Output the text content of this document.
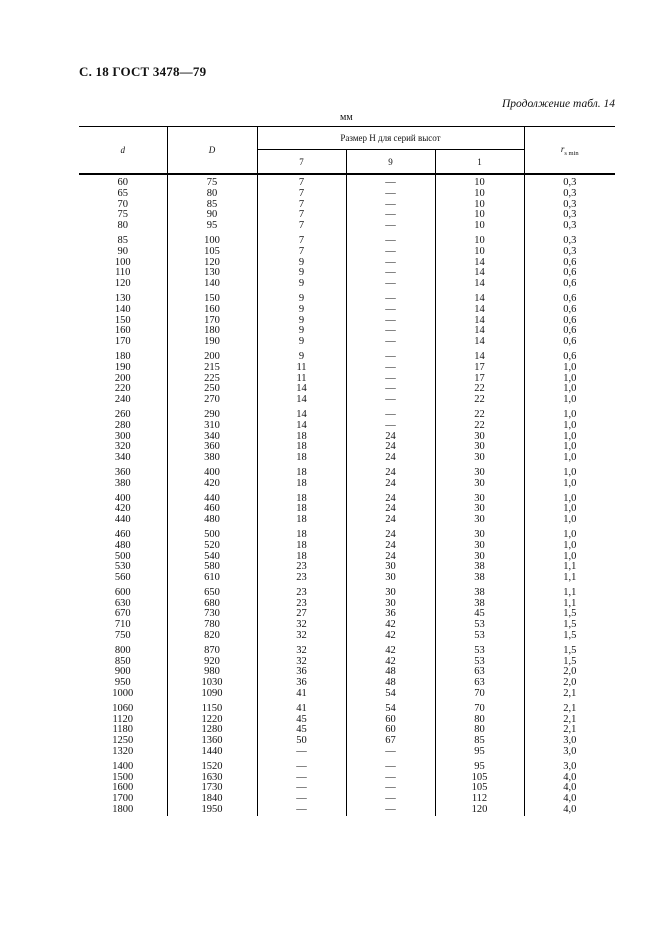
С. 18 ГОСТ 3478—79
Продолжение табл. 14
мм
d	D	Размер H для серий высот			$r_{s min}$
		7	9	1	
60	75	7	—	10	0,3
65	80	7	—	10	0,3
70	85	7	—	10	0,3
75	90	7	—	10	0,3
80	95	7	—	10	0,3
85	100	7	—	10	0,3
90	105	7	—	10	0,3
100	120	9	—	14	0,6
110	130	9	—	14	0,6
120	140	9	—	14	0,6
130	150	9	—	14	0,6
140	160	9	—	14	0,6
150	170	9	—	14	0,6
160	180	9	—	14	0,6
170	190	9	—	14	0,6
180	200	9	—	14	0,6
190	215	11	—	17	1,0
200	225	11	—	17	1,0
220	250	14	—	22	1,0
240	270	14	—	22	1,0
260	290	14	—	22	1,0
280	310	14	—	22	1,0
300	340	18	24	30	1,0
320	360	18	24	30	1,0
340	380	18	24	30	1,0
360	400	18	24	30	1,0
380	420	18	24	30	1,0
400	440	18	24	30	1,0
420	460	18	24	30	1,0
440	480	18	24	30	1,0
460	500	18	24	30	1,0
480	520	18	24	30	1,0
500	540	18	24	30	1,0
530	580	23	30	38	1,1
560	610	23	30	38	1,1
600	650	23	30	38	1,1
630	680	23	30	38	1,1
670	730	27	36	45	1,5
710	780	32	42	53	1,5
750	820	32	42	53	1,5
800	870	32	42	53	1,5
850	920	32	42	53	1,5
900	980	36	48	63	2,0
950	1030	36	48	63	2,0
1000	1090	41	54	70	2,1
1060	1150	41	54	70	2,1
1120	1220	45	60	80	2,1
1180	1280	45	60	80	2,1
1250	1360	50	67	85	3,0
1320	1440	—	—	95	3,0
1400	1520	—	—	95	3,0
1500	1630	—	—	105	4,0
1600	1730	—	—	105	4,0
1700	1840	—	—	112	4,0
1800	1950	—	—	120	4,0
